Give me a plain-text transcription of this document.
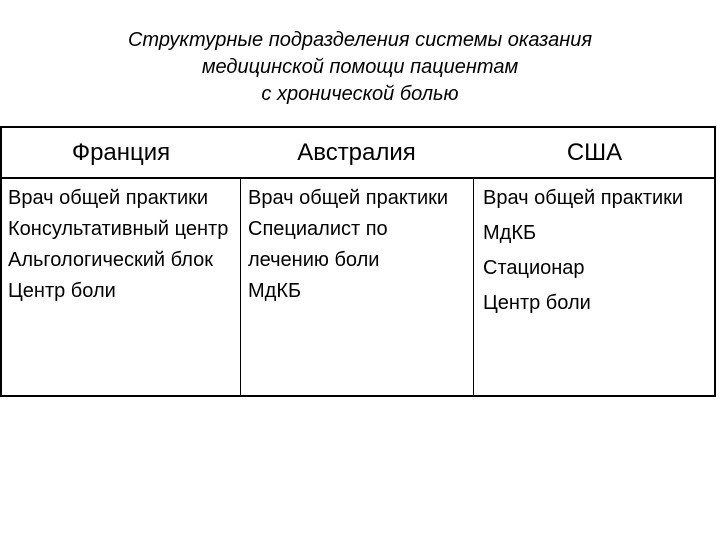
Структурные подразделения системы оказания
медицинской помощи пациентам
с хронической болью
Франция	Австралия	США
Врач общей практики
Консультативный центр
Альгологический блок
Центр боли
Врач общей практики
Специалист по лечению боли
МдКБ
Врач общей практики
МдКБ
Стационар
Центр боли
